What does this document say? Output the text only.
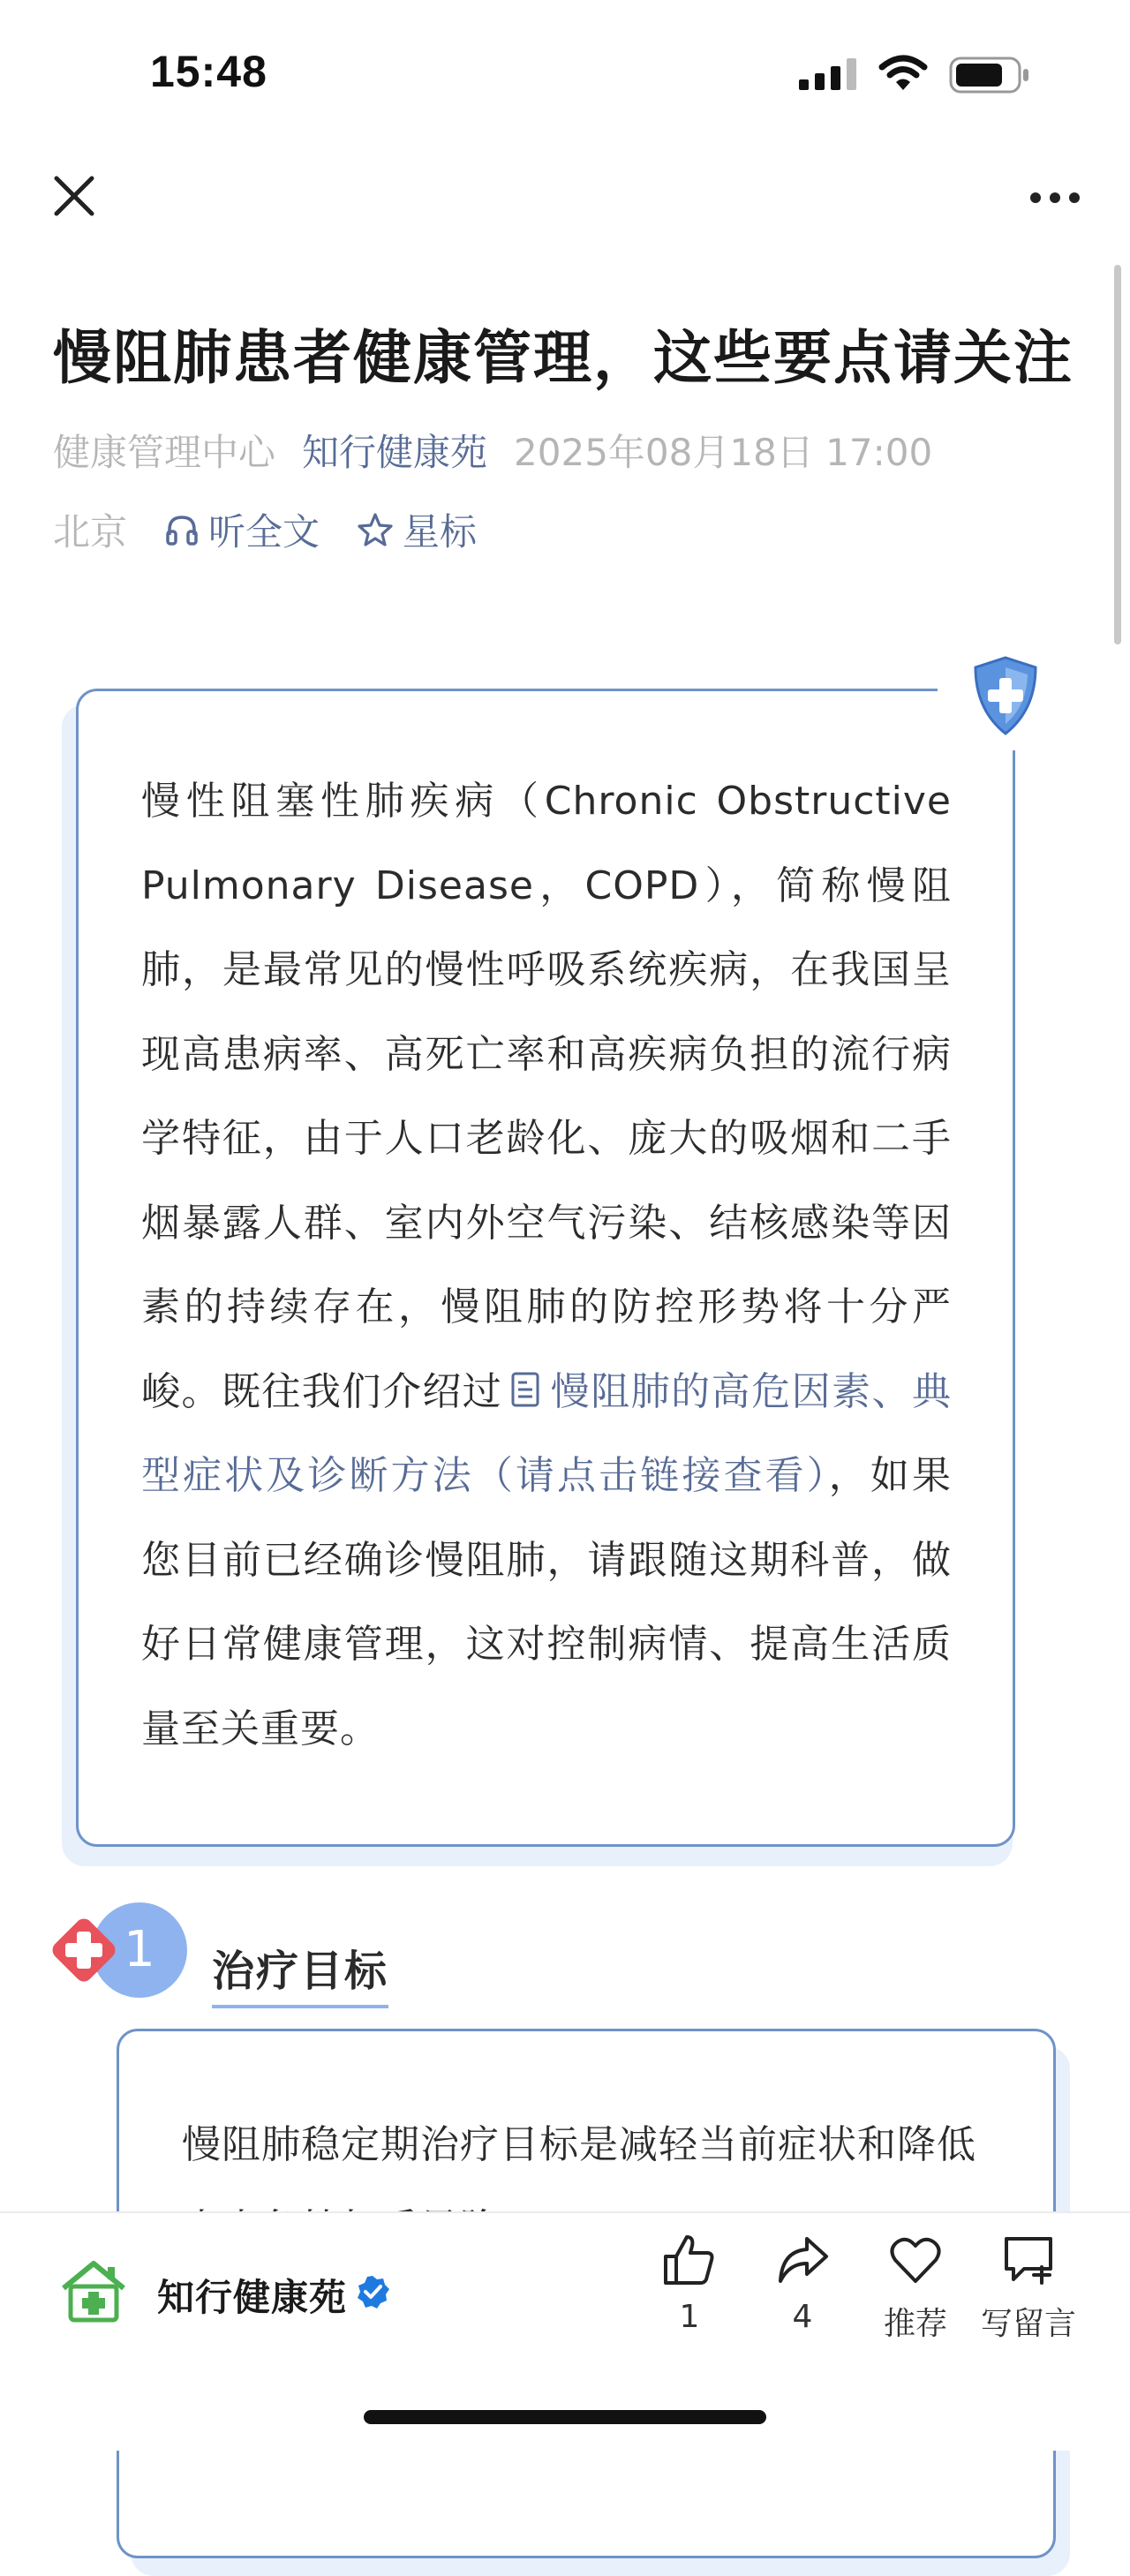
15:48
慢阻肺患者健康管理，这些要点请关注
健康管理中心 知行健康苑 2025年08月18日 17:00
北京 听全文 星标
慢性阻塞性肺疾病（Chronic Obstructive Pulmonary Disease，COPD），简称慢阻肺，是最常见的慢性呼吸系统疾病，在我国呈现高患病率、高死亡率和高疾病负担的流行病学特征，由于人口老龄化、庞大的吸烟和二手烟暴露人群、室内外空气污染、结核感染等因素的持续存在，慢阻肺的防控形势将十分严峻。既往我们介绍过 慢阻肺的高危因素、典型症状及诊断方法（请点击链接查看），如果您目前已经确诊慢阻肺，请跟随这期科普，做好日常健康管理，这对控制病情、提高生活质量至关重要。
1	治疗目标
慢阻肺稳定期治疗目标是减轻当前症状和降低
知行健康苑	1	4	推荐	写留言
